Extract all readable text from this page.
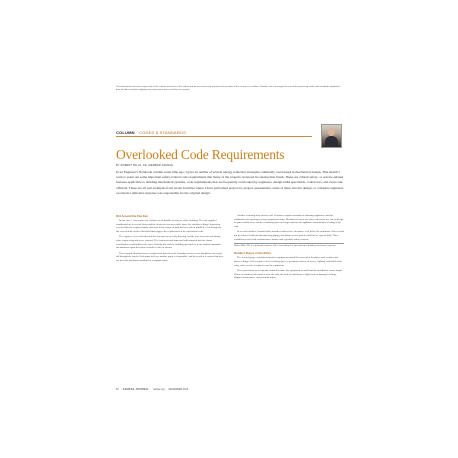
The information and views expressed in this column are those of the author and do not necessarily represent the position of the society or its editors. Readers are encouraged to consult the governing codes and standards adopted in their jurisdiction before applying any requirement discussed here to a project.
COLUMN CODES & STANDARDS
Overlooked Code Requirements
BY ROBERT MILLS, PE, MEMBER ASHRAE
In an Engineer's Notebook column some time ago, I gave an outline of several energy reduction strategies commonly overlooked in mechanical design. This month I want to point out some important safety-related code requirements that many of the projects reviewed in construction brush. These are critical safety- or service-related features applicable to building mechanical systems, code requirements that are frequently overlooked by engineers, design-build specialists, contractors, and even code officials. These are all real examples from recent facilities where I have performed project-by-project assessments; some of these involve design, or complete engineers on whom a deficient response was responsible for the original design.
Dirt Around the Fan Fan

In one case, I was retained to evaluate an air handler serving an office building. The unit supplied conditioned air to several floors and the ductwork was accessible above the corridor ceilings. Inspection revealed that the required smoke detectors in the return air path had never been installed, even though the fan exceeded the airflow threshold that triggers the requirement in the mechanical code.

The engineer of record had noted the detectors on an early drawing, but the note was removed during value engineering and never restored. The contractor and inspector both assumed that fire alarm coordination would address the issue. Nobody did, and the building operated for years without automatic fan shutdown upon detection of smoke in the air stream.

This example illustrates how a requirement that sits at the boundary between two disciplines can easily fall through the cracks. Each party believes another party is responsible, and the result is a system that does not meet the minimum standard for occupant safety.

Another recurring issue involves the clearances required around fuel-burning appliances and the combustion air openings serving equipment rooms. Mechanical rooms are often reduced in size late in design to gain leasable area, and the remaining space no longer satisfies the appliance manufacturer's listing or the code.

In several facilities I found boilers installed with service clearances well below the minimum. Filters could not be removed without disconnecting piping, and burner access panels could not be opened fully. These conditions create both a maintenance burden and a genuine safety concern.

Robert Mills, PE, is a principal engineer with a consulting firm specializing in building mechanical systems.
Outdoor Buoys in the Attics

The second group of problems involves equipment installed in concealed locations such as attics and above ceilings. Codes require a level working space, a permanent means of access, lighting controlled at the entry, and a service receptacle near the equipment.

These provisions are frequently omitted because the equipment is small and the installation seems simple. When a technician later must service the unit, the lack of a platform or light leads to damaged ceilings, skipped maintenance, and potential injury.

52 ASHRAE JOURNAL ashrae.org DECEMBER 2019
